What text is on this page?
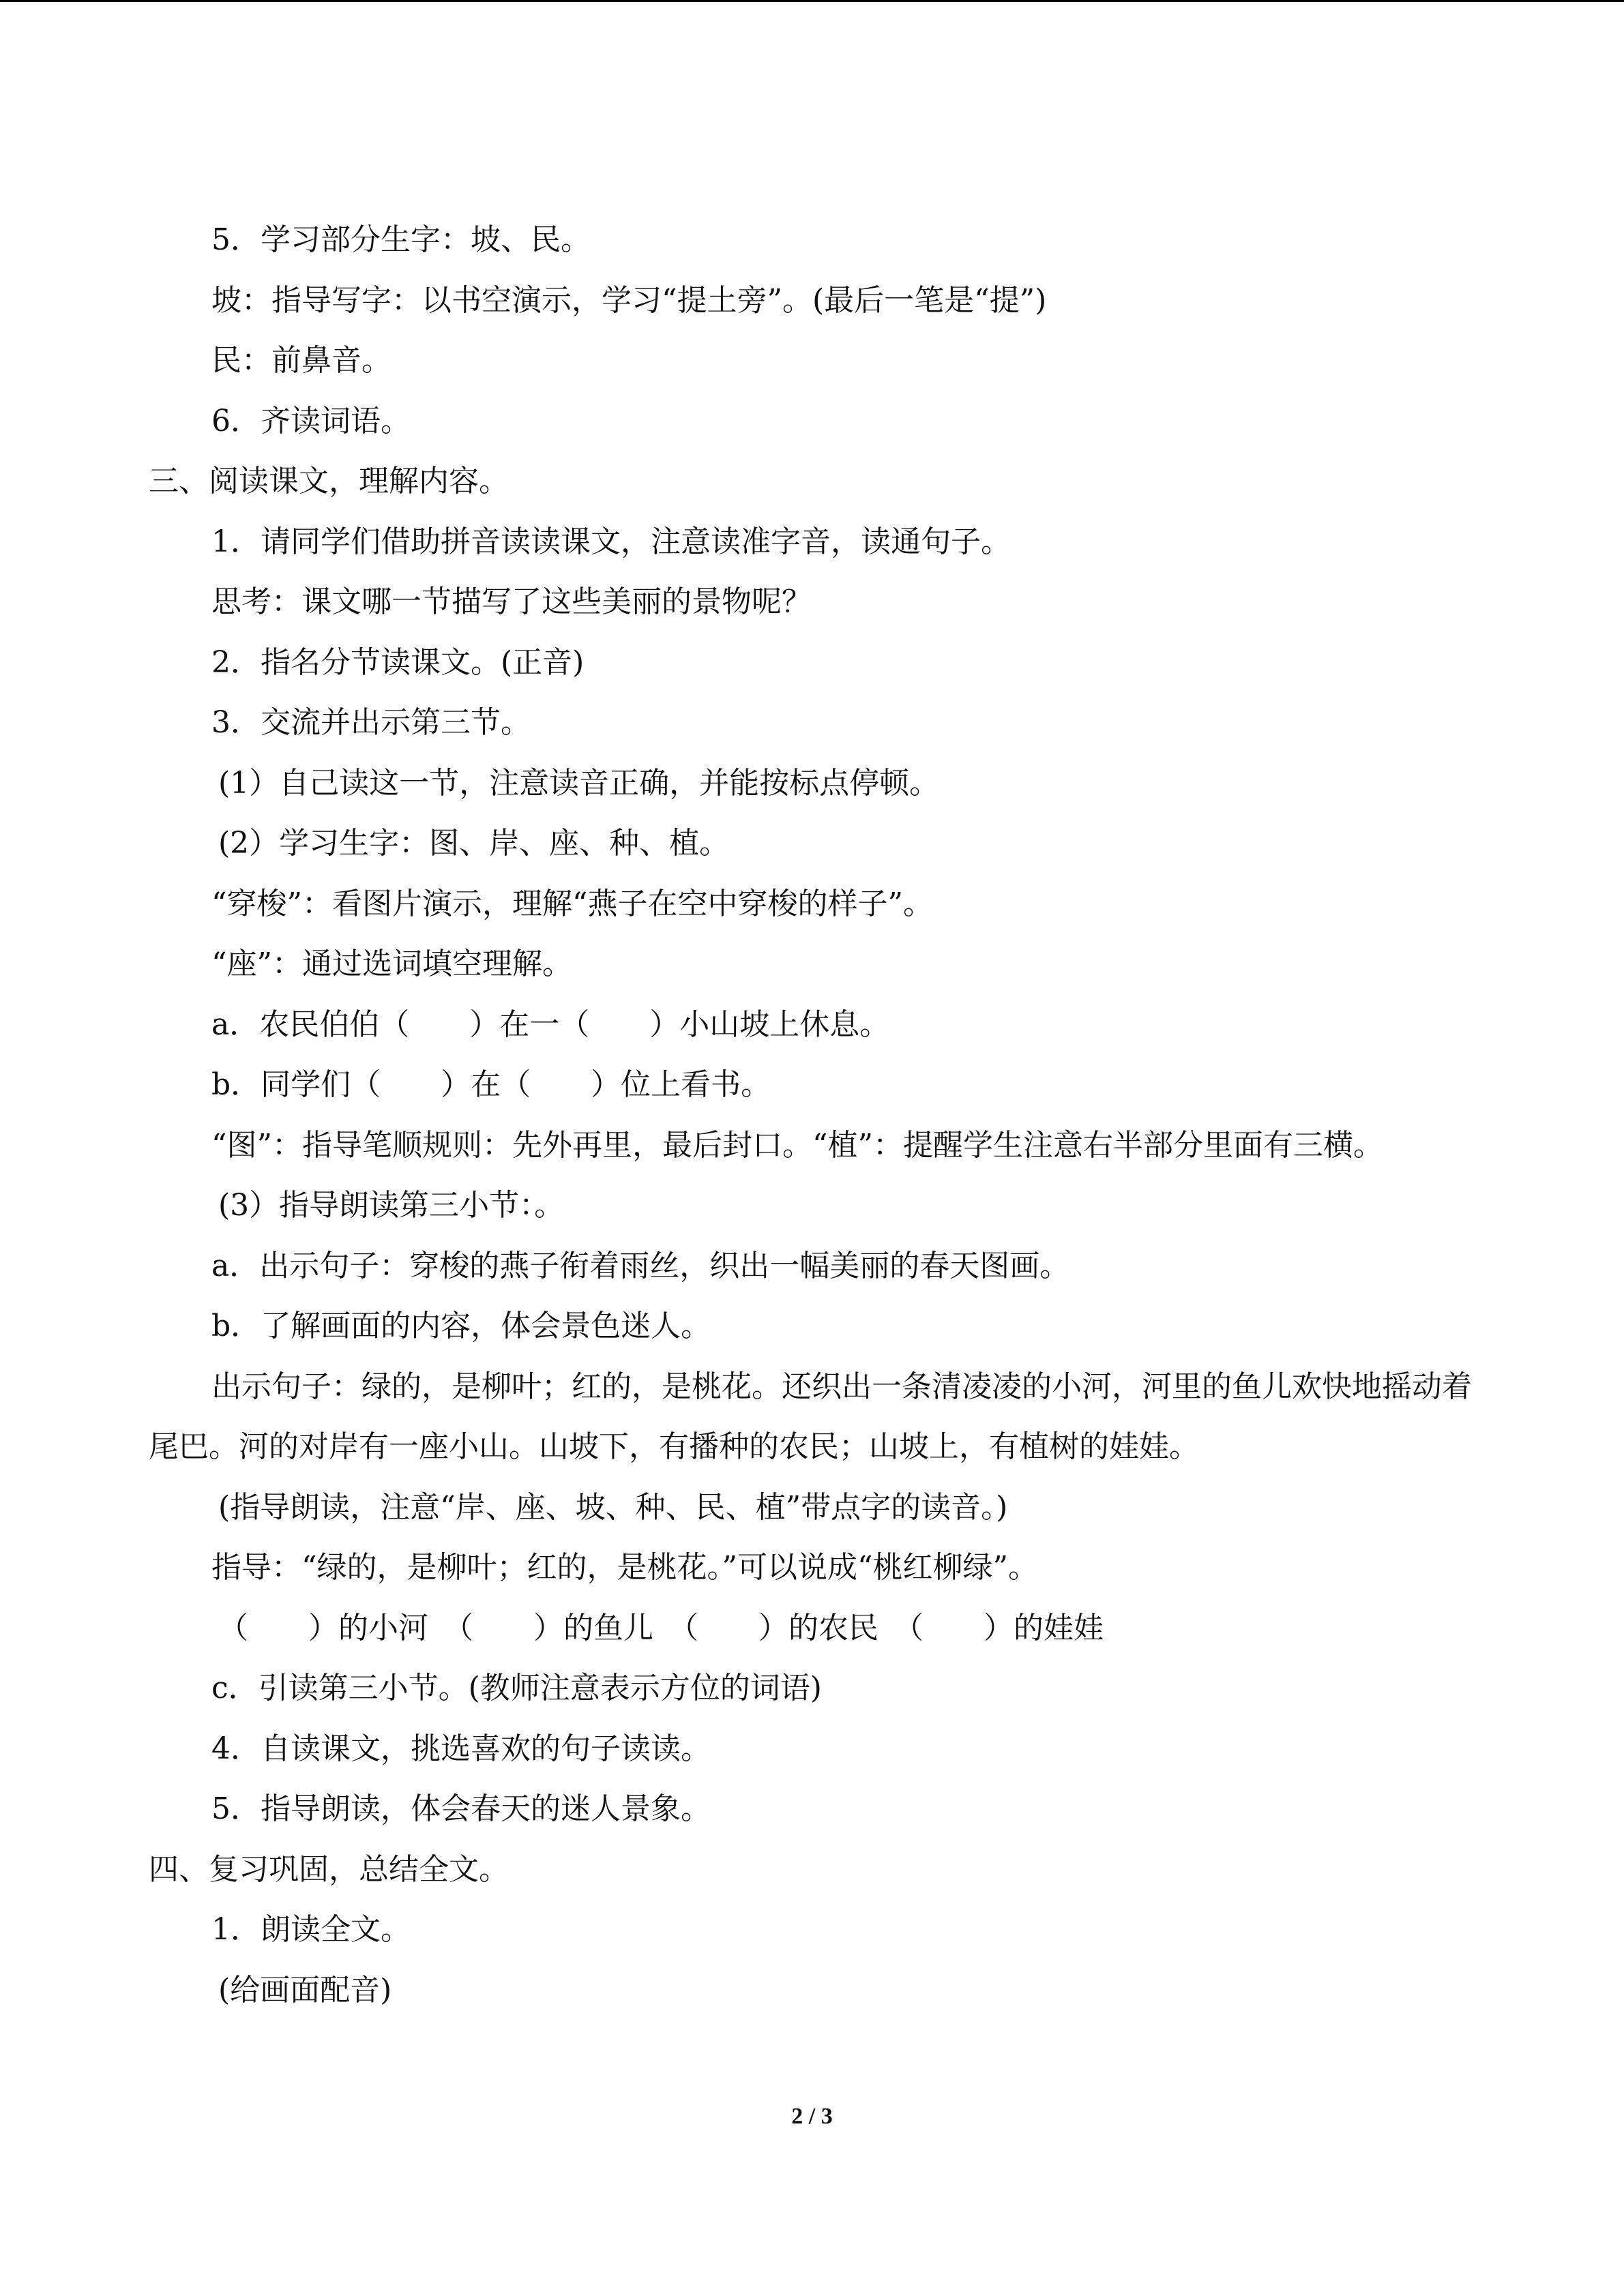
5．学习部分生字：坡、民。

坡：指导写字：以书空演示，学习“提土旁”。(最后一笔是“提”)

民：前鼻音。

6．齐读词语。

三、阅读课文，理解内容。

1．请同学们借助拼音读读课文，注意读准字音，读通句子。

思考：课文哪一节描写了这些美丽的景物呢？

2．指名分节读课文。(正音)

3．交流并出示第三节。

(1）自己读这一节，注意读音正确，并能按标点停顿。

(2）学习生字：图、岸、座、种、植。

“穿梭”：看图片演示，理解“燕子在空中穿梭的样子”。

“座”：通过选词填空理解。

a．农民伯伯（　　）在一（　　）小山坡上休息。

b．同学们（　　）在（　　）位上看书。

“图”：指导笔顺规则：先外再里，最后封口。“植”：提醒学生注意右半部分里面有三横。

(3）指导朗读第三小节：。

a．出示句子：穿梭的燕子衔着雨丝，织出一幅美丽的春天图画。

b．了解画面的内容，体会景色迷人。

出示句子：绿的，是柳叶；红的，是桃花。还织出一条清凌凌的小河，河里的鱼儿欢快地摇动着尾巴。河的对岸有一座小山。山坡下，有播种的农民；山坡上，有植树的娃娃。

(指导朗读，注意“岸、座、坡、种、民、植”带点字的读音。)

指导：“绿的，是柳叶；红的，是桃花。”可以说成“桃红柳绿”。

（　　）的小河　（　　）的鱼儿　（　　）的农民　（　　）的娃娃

c．引读第三小节。(教师注意表示方位的词语)

4．自读课文，挑选喜欢的句子读读。

5．指导朗读，体会春天的迷人景象。

四、复习巩固，总结全文。

1．朗读全文。

(给画面配音)

2 / 3
